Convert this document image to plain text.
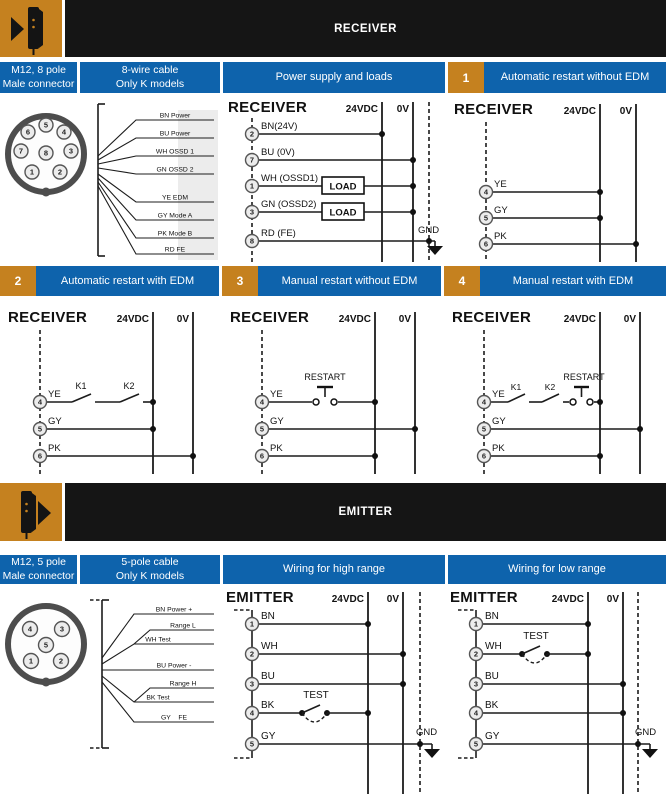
RECEIVER
M12, 8 pole
Male connector
8-wire cable
Only K models
Power supply and loads	1	Automatic restart without EDM
5
6	4
7	8	3
1	2
BN Power
BU Power
WH OSSD 1
GN OSSD 2
YE EDM
GY Mode A
PK Mode B
RD FE
RECEIVER	24VDC 0V
2
BN(24V)
7
BU (0V)
LOAD
1
WH (OSSD1)
LOAD
3
GN (OSSD2)
8
RD (FE)	GND
RECEIVER	24VDC 0V
4
YE
5
GY
6
PK
2	Automatic restart with EDM	3	Manual restart without EDM	4	Manual restart with EDM
RECEIVER	24VDC	0V
K1	K2
4
YE
5
GY
6
PK
RECEIVER	24VDC	0V
RESTART
4
YE
5
GY
6
PK
RECEIVER	24VDC	0V
K1	K2
RESTART
4
YE
5
GY
6
PK
EMITTER
M12, 5 pole
Male connector
5-pole cable
Only K models
Wiring for high range	Wiring for low range
4	3
5
1	2
BN Power +
Range L
WH Test
BU Power -
Range H
BK Test
GY    FE
EMITTER	24VDC 0V
1
BN
2
WH
3
BU
TEST
4
BK
GND
5
GY
EMITTER	24VDC 0V
1
BN
TEST
2
WH
3
BU
4
BK
GND
5
GY
